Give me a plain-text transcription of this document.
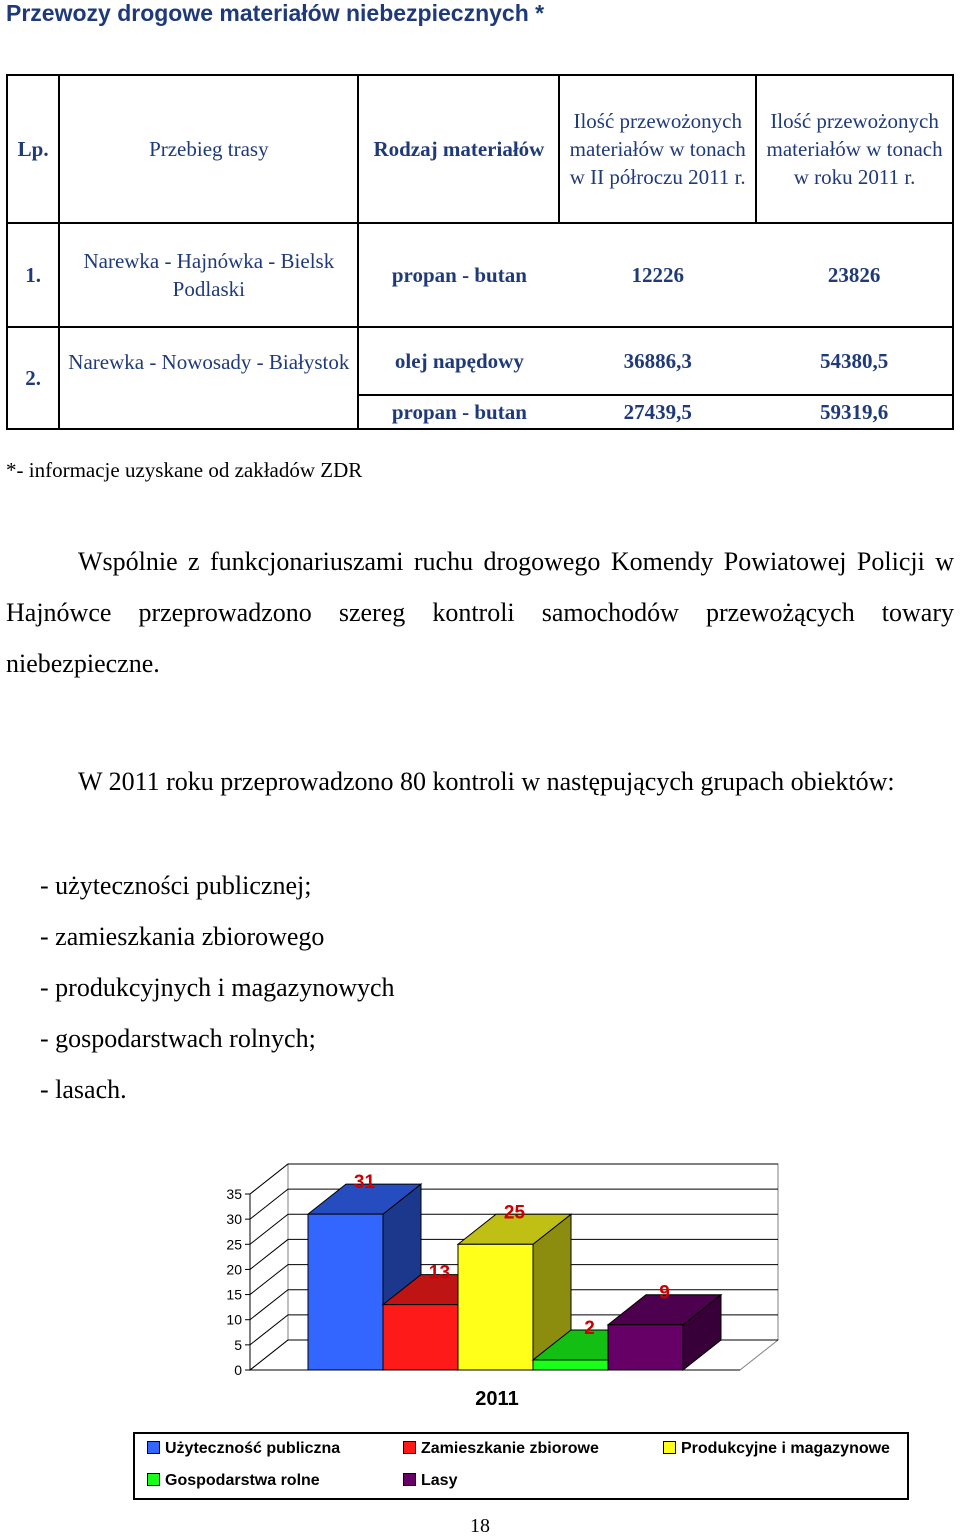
Przewozy drogowe materiałów niebezpiecznych *
Lp.	Przebieg trasy	Rodzaj materiałów	Ilość przewożonych materiałów w tonach w II półroczu 2011 r.	Ilość przewożonych materiałów w tonach w roku 2011 r.
1.	Narewka - Hajnówka - Bielsk Podlaski	propan - butan	12226	23826
2.	Narewka - Nowosady - Białystok	olej napędowy	36886,3	54380,5
		propan - butan	27439,5	59319,6
*- informacje uzyskane od zakładów ZDR
Wspólnie z funkcjonariuszami ruchu drogowego Komendy Powiatowej Policji w Hajnówce przeprowadzono szereg kontroli samochodów przewożących towary niebezpieczne.
W 2011 roku przeprowadzono 80 kontroli w następujących grupach obiektów:
- użyteczności publicznej;
- zamieszkania zbiorowego
- produkcyjnych i magazynowych
- gospodarstwach rolnych;
- lasach.
0
5
10
15
20
25
30
35
31
13
25
2
9
2011
Użyteczność publiczna	Zamieszkanie zbiorowe	Produkcyjne i magazynowe
Gospodarstwa rolne	Lasy
18
